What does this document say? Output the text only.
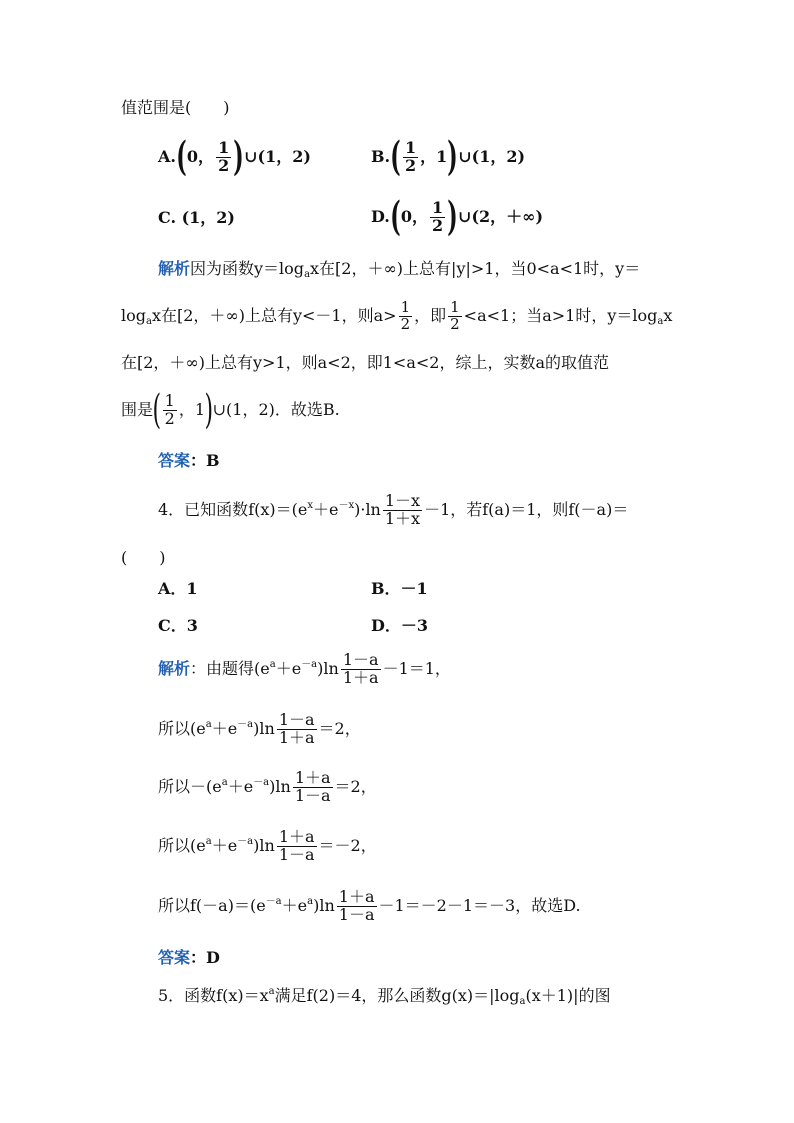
值范围是(　　)
A.(0， $\frac{1}{2}$ )∪(1，2)	$B.( \frac{1}{2}$ ，1)∪(1，2)
C. (1，2)	D.(0， $\frac{1}{2}$ )∪(2，＋∞)
解析因为函数$y=\log_ax$在[2，＋∞)上总有|y|>1，当0<a<1时，y＝
$\log_ax$在[2，＋∞)上总有y<－1，则$a> \frac{1}{2}$ ，即 $\frac{1}{2} <a<1$；当a>1时，$y=\log_ax$
在[2，＋∞)上总有y>1，则a<2，即1<a<2，综上，实数a的取值范
围是( $\frac{1}{2}$ ，1)∪(1，2)．故选B.
答案：B
4．已知函数$f(x)=(e^x+e^{-x})\cdot\ln \frac{1-x}{1+x} -1$，若f(a)＝1，则f(－a)＝
(　　)
A．1	B．－1
C．3	D．－3
解析：由题得$(e^a+e^{-a})\ln \frac{1-a}{1+a} -1=1$，
所以$(e^a+e^{-a})\ln \frac{1-a}{1+a} =2$，
所以$-(e^a+e^{-a})\ln \frac{1+a}{1-a} =2$，
所以$(e^a+e^{-a})\ln \frac{1+a}{1-a} =-2$，
所以$f(-a)=(e^{-a}+e^a)\ln \frac{1+a}{1-a} -1=-2-1=-3$，故选D.
答案：D
5．函数$f(x)=x^a$满足f(2)＝4，那么函数$g(x)=|\log_a(x+1)|$的图
